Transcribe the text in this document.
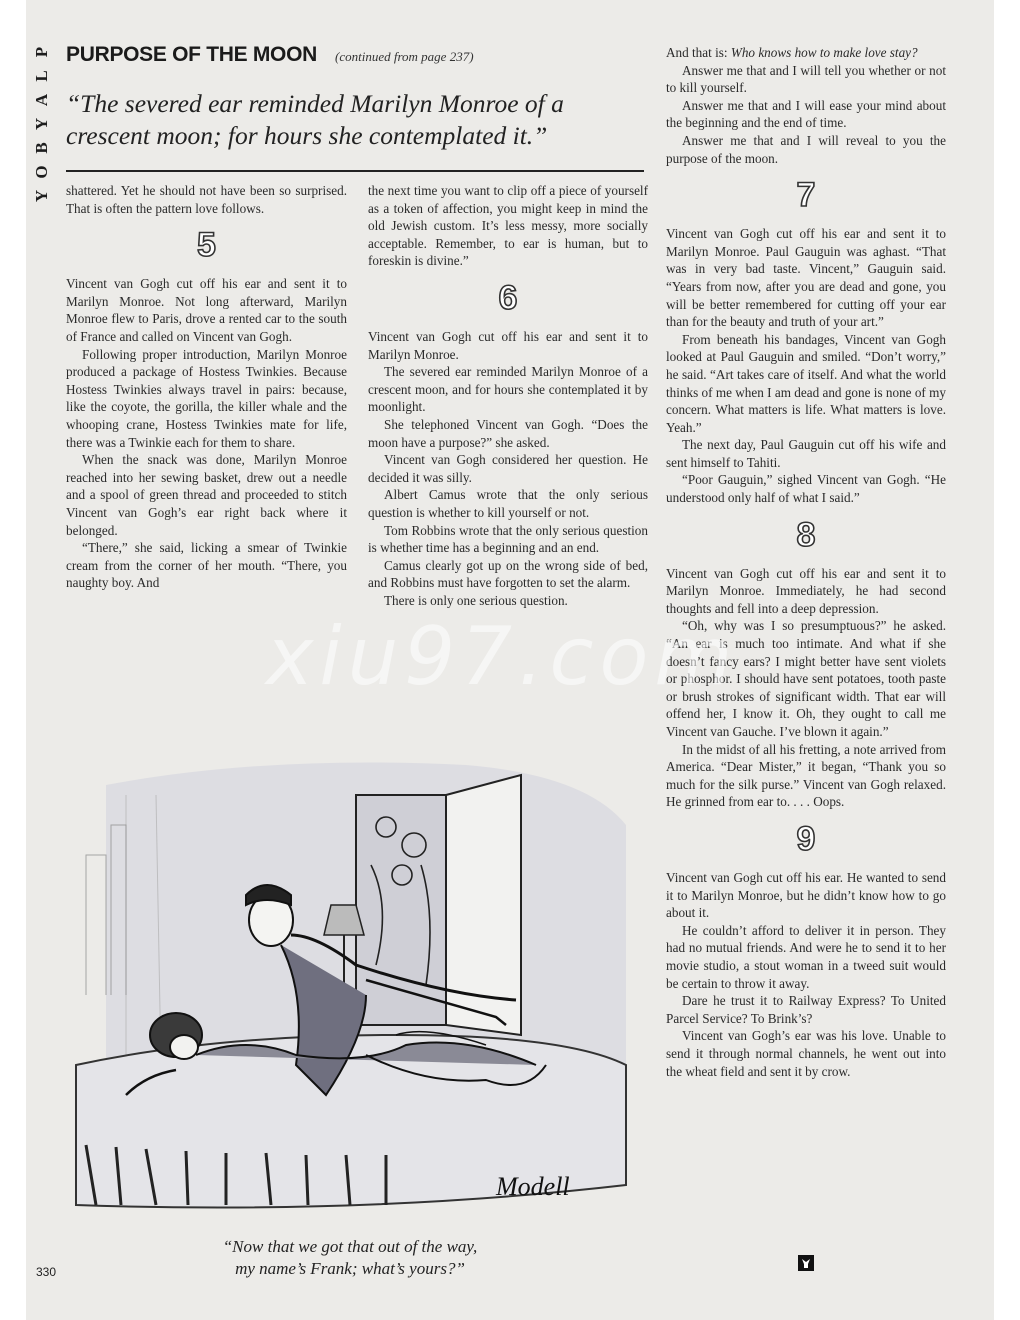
P
L
A
Y
B
O
Y
PURPOSE OF THE MOON (continued from page 237)
“The severed ear reminded Marilyn Monroe of a crescent moon; for hours she contemplated it.”

shattered. Yet he should not have been so surprised. That is often the pattern love follows.

5

Vincent van Gogh cut off his ear and sent it to Marilyn Monroe. Not long afterward, Marilyn Monroe flew to Paris, drove a rented car to the south of France and called on Vincent van Gogh.

Following proper introduction, Marilyn Monroe produced a package of Hostess Twinkies. Because Hostess Twinkies always travel in pairs: because, like the coyote, the gorilla, the killer whale and the whooping crane, Hostess Twinkies mate for life, there was a Twinkie each for them to share.

When the snack was done, Marilyn Monroe reached into her sewing basket, drew out a needle and a spool of green thread and proceeded to stitch Vincent van Gogh’s ear right back where it belonged.

“There,” she said, licking a smear of Twinkie cream from the corner of her mouth. “There, you naughty boy. And

the next time you want to clip off a piece of yourself as a token of affection, you might keep in mind the old Jewish custom. It’s less messy, more socially acceptable. Remember, to ear is human, but to foreskin is divine.”

6

Vincent van Gogh cut off his ear and sent it to Marilyn Monroe.

The severed ear reminded Marilyn Monroe of a crescent moon, and for hours she contemplated it by moonlight.

She telephoned Vincent van Gogh. “Does the moon have a purpose?” she asked.

Vincent van Gogh considered her question. He decided it was silly.

Albert Camus wrote that the only serious question is whether to kill yourself or not.

Tom Robbins wrote that the only serious question is whether time has a beginning and an end.

Camus clearly got up on the wrong side of bed, and Robbins must have forgotten to set the alarm.

There is only one serious question.

And that is: Who knows how to make love stay?

Answer me that and I will tell you whether or not to kill yourself.

Answer me that and I will ease your mind about the beginning and the end of time.

Answer me that and I will reveal to you the purpose of the moon.

7

Vincent van Gogh cut off his ear and sent it to Marilyn Monroe. Paul Gauguin was aghast. “That was in very bad taste. Vincent,” Gauguin said. “Years from now, after you are dead and gone, you will be better remembered for cutting off your ear than for the beauty and truth of your art.”

From beneath his bandages, Vincent van Gogh looked at Paul Gauguin and smiled. “Don’t worry,” he said. “Art takes care of itself. And what the world thinks of me when I am dead and gone is none of my concern. What matters is life. What matters is love. Yeah.”

The next day, Paul Gauguin cut off his wife and sent himself to Tahiti.

“Poor Gauguin,” sighed Vincent van Gogh. “He understood only half of what I said.”

8

Vincent van Gogh cut off his ear and sent it to Marilyn Monroe. Immediately, he had second thoughts and fell into a deep depression.

“Oh, why was I so presumptuous?” he asked. “An ear is much too intimate. And what if she doesn’t fancy ears? I might better have sent violets or phosphor. I should have sent potatoes, tooth paste or brush strokes of significant width. That ear will offend her, I know it. Oh, they ought to call me Vincent van Gauche. I’ve blown it again.”

In the midst of all his fretting, a note arrived from America. “Dear Mister,” it began, “Thank you so much for the silk purse.” Vincent van Gogh relaxed. He grinned from ear to. . . . Oops.

9

Vincent van Gogh cut off his ear. He wanted to send it to Marilyn Monroe, but he didn’t know how to go about it.

He couldn’t afford to deliver it in person. They had no mutual friends. And were he to send it to her movie studio, a stout woman in a tweed suit would be certain to throw it away.

Dare he trust it to Railway Express? To United Parcel Service? To Brink’s?

Vincent van Gogh’s ear was his love. Unable to send it through normal channels, he went out into the wheat field and sent it by crow.

Modell
“Now that we got that out of the way,
my name’s Frank; what’s yours?”
330
xiu97.com
